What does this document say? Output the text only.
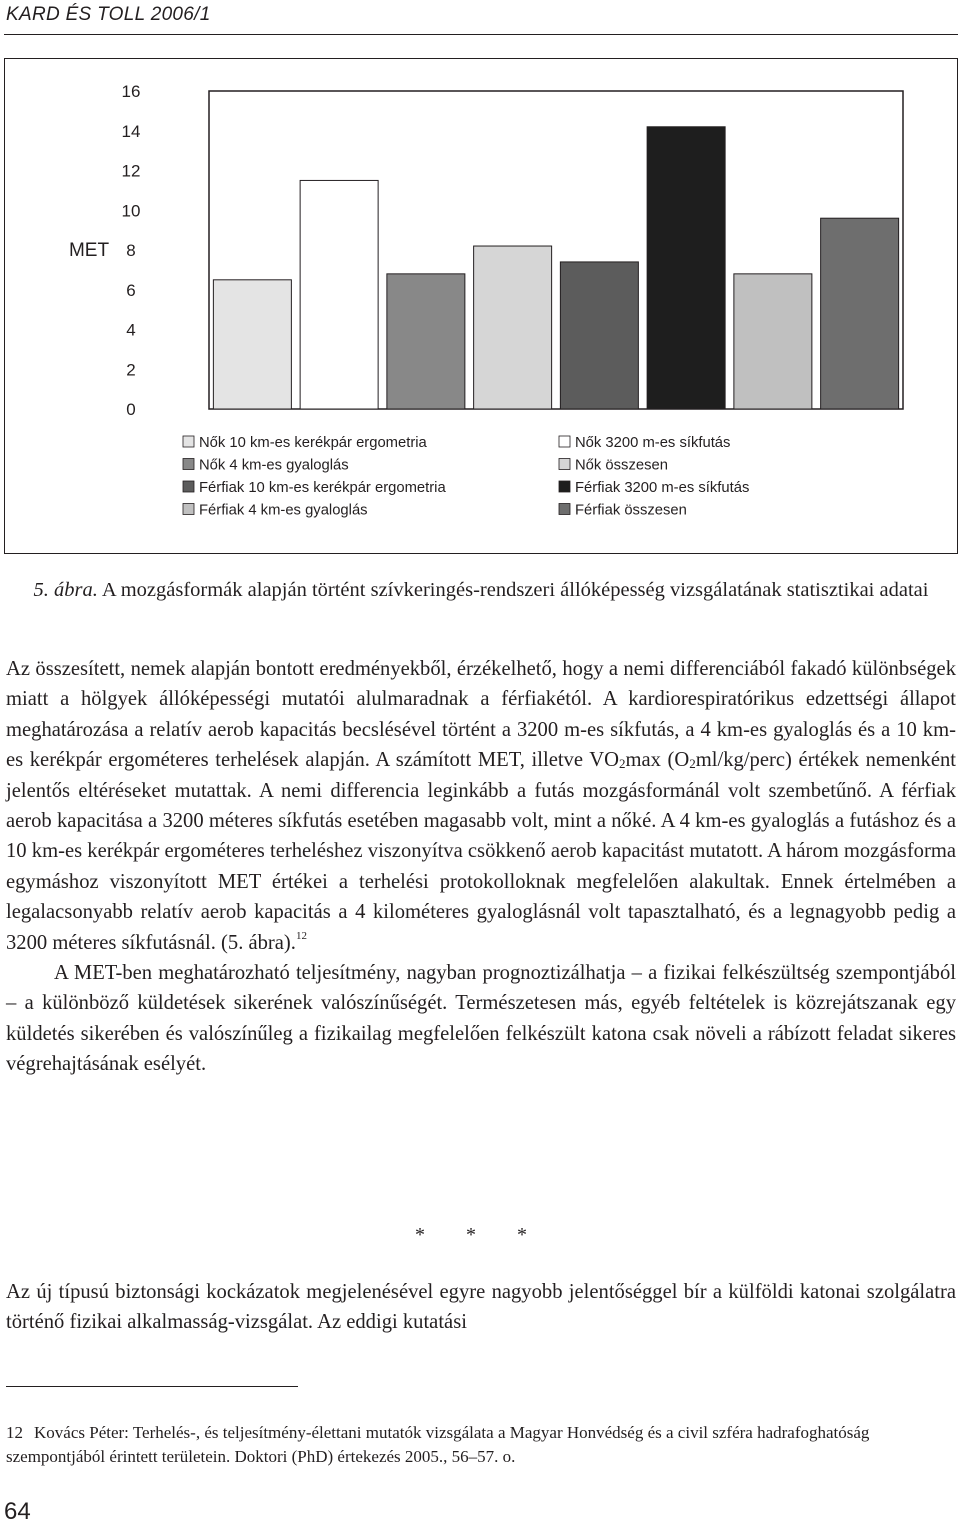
KARD ÉS TOLL 2006/1
0
2
4
6
8
10
12
14
16
MET
Nők 10 km-es kerékpár ergometria	Nők 3200 m-es síkfutás
Nők 4 km-es gyaloglás	Nők összesen
Férfiak 10 km-es kerékpár ergometria	Férfiak 3200 m-es síkfutás
Férfiak 4 km-es gyaloglás	Férfiak összesen
5. ábra. A mozgásformák alapján történt szívkeringés-rendszeri állóképesség vizsgálatának statisztikai adatai

Az összesített, nemek alapján bontott eredményekből, érzékelhető, hogy a nemi differenciából fakadó különbségek miatt a hölgyek állóképességi mutatói alulmaradnak a férfiakétól. A kardiorespiratórikus edzettségi állapot meghatározása a relatív aerob kapacitás becslésével történt a 3200 m-es síkfutás, a 4 km-es gyaloglás és a 10 km-es kerékpár ergométeres terhelések alapján. A számított MET, illetve $VO_2\max$ $(O_2ml/kg/perc)$ értékek nemenként jelentős eltéréseket mutattak. A nemi differencia leginkább a futás mozgásformánál volt szembetűnő. A férfiak aerob kapacitása a 3200 méteres síkfutás esetében magasabb volt, mint a nőké. A 4 km-es gyaloglás a futáshoz és a 10 km-es kerékpár ergométeres terheléshez viszonyítva csökkenő aerob kapacitást mutatott. A három mozgásforma egymáshoz viszonyított MET értékei a terhelési protokolloknak megfelelően alakultak. Ennek értelmében a legalacsonyabb relatív aerob kapacitás a 4 kilométeres gyaloglásnál volt tapasztalható, és a legnagyobb pedig a 3200 méteres síkfutásnál. (5. ábra).$^{12}$
A MET-ben meghatározható teljesítmény, nagyban prognoztizálhatja – a fizikai felkészültség szempontjából – a különböző küldetések sikerének valószínűségét. Természetesen más, egyéb feltételek is közrejátszanak egy küldetés sikerében és valószínűleg a fizikailag megfelelően felkészült katona csak növeli a rábízott feladat sikeres végrehajtásának esélyét.

* * *

Az új típusú biztonsági kockázatok megjelenésével egyre nagyobb jelentőséggel bír a külföldi katonai szolgálatra történő fizikai alkalmasság-vizsgálat. Az eddigi kutatási

12 Kovács Péter: Terhelés-, és teljesítmény-élettani mutatók vizsgálata a Magyar Honvédség és a civil szféra hadrafoghatóság szempontjából érintett területein. Doktori (PhD) értekezés 2005., 56–57. o.

64
